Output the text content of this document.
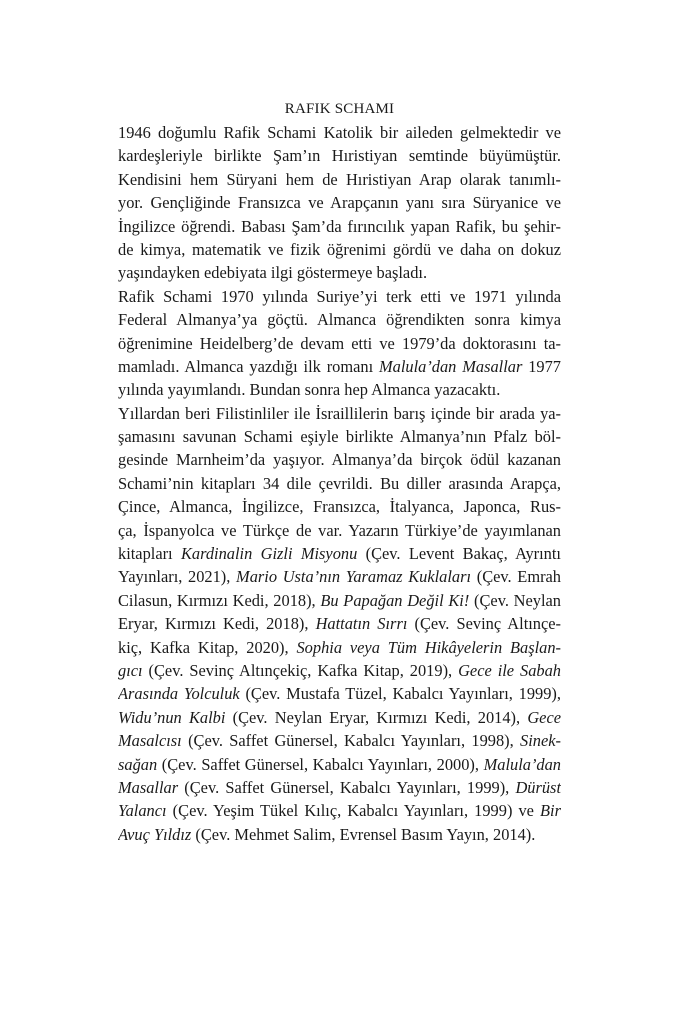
RAFIK SCHAMI
1946 doğumlu Rafik Schami Katolik bir aileden gelmektedir ve
kardeşleriyle birlikte Şam’ın Hıristiyan semtinde büyümüştür.
Kendisini hem Süryani hem de Hıristiyan Arap olarak tanımlı-
yor. Gençliğinde Fransızca ve Arapçanın yanı sıra Süryanice ve
İngilizce öğrendi. Babası Şam’da fırıncılık yapan Rafik, bu şehir-
de kimya, matematik ve fizik öğrenimi gördü ve daha on dokuz
yaşındayken edebiyata ilgi göstermeye başladı.
Rafik Schami 1970 yılında Suriye’yi terk etti ve 1971 yılında
Federal Almanya’ya göçtü. Almanca öğrendikten sonra kimya
öğrenimine Heidelberg’de devam etti ve 1979’da doktorasını ta-
mamladı. Almanca yazdığı ilk romanı Malula’dan Masallar 1977
yılında yayımlandı. Bundan sonra hep Almanca yazacaktı.
Yıllardan beri Filistinliler ile İsraillilerin barış içinde bir arada ya-
şamasını savunan Schami eşiyle birlikte Almanya’nın Pfalz böl-
gesinde Marnheim’da yaşıyor. Almanya’da birçok ödül kazanan
Schami’nin kitapları 34 dile çevrildi. Bu diller arasında Arapça,
Çince, Almanca, İngilizce, Fransızca, İtalyanca, Japonca, Rus-
ça, İspanyolca ve Türkçe de var. Yazarın Türkiye’de yayımlanan
kitapları Kardinalin Gizli Misyonu (Çev. Levent Bakaç, Ayrıntı
Yayınları, 2021), Mario Usta’nın Yaramaz Kuklaları (Çev. Emrah
Cilasun, Kırmızı Kedi, 2018), Bu Papağan Değil Ki! (Çev. Neylan
Eryar, Kırmızı Kedi, 2018), Hattatın Sırrı (Çev. Sevinç Altınçe-
kiç, Kafka Kitap, 2020), Sophia veya Tüm Hikâyelerin Başlan-
gıcı (Çev. Sevinç Altınçekiç, Kafka Kitap, 2019), Gece ile Sabah
Arasında Yolculuk (Çev. Mustafa Tüzel, Kabalcı Yayınları, 1999),
Widu’nun Kalbi (Çev. Neylan Eryar, Kırmızı Kedi, 2014), Gece
Masalcısı (Çev. Saffet Günersel, Kabalcı Yayınları, 1998), Sinek-
sağan (Çev. Saffet Günersel, Kabalcı Yayınları, 2000), Malula’dan
Masallar (Çev. Saffet Günersel, Kabalcı Yayınları, 1999), Dürüst
Yalancı (Çev. Yeşim Tükel Kılıç, Kabalcı Yayınları, 1999) ve Bir
Avuç Yıldız (Çev. Mehmet Salim, Evrensel Basım Yayın, 2014).
